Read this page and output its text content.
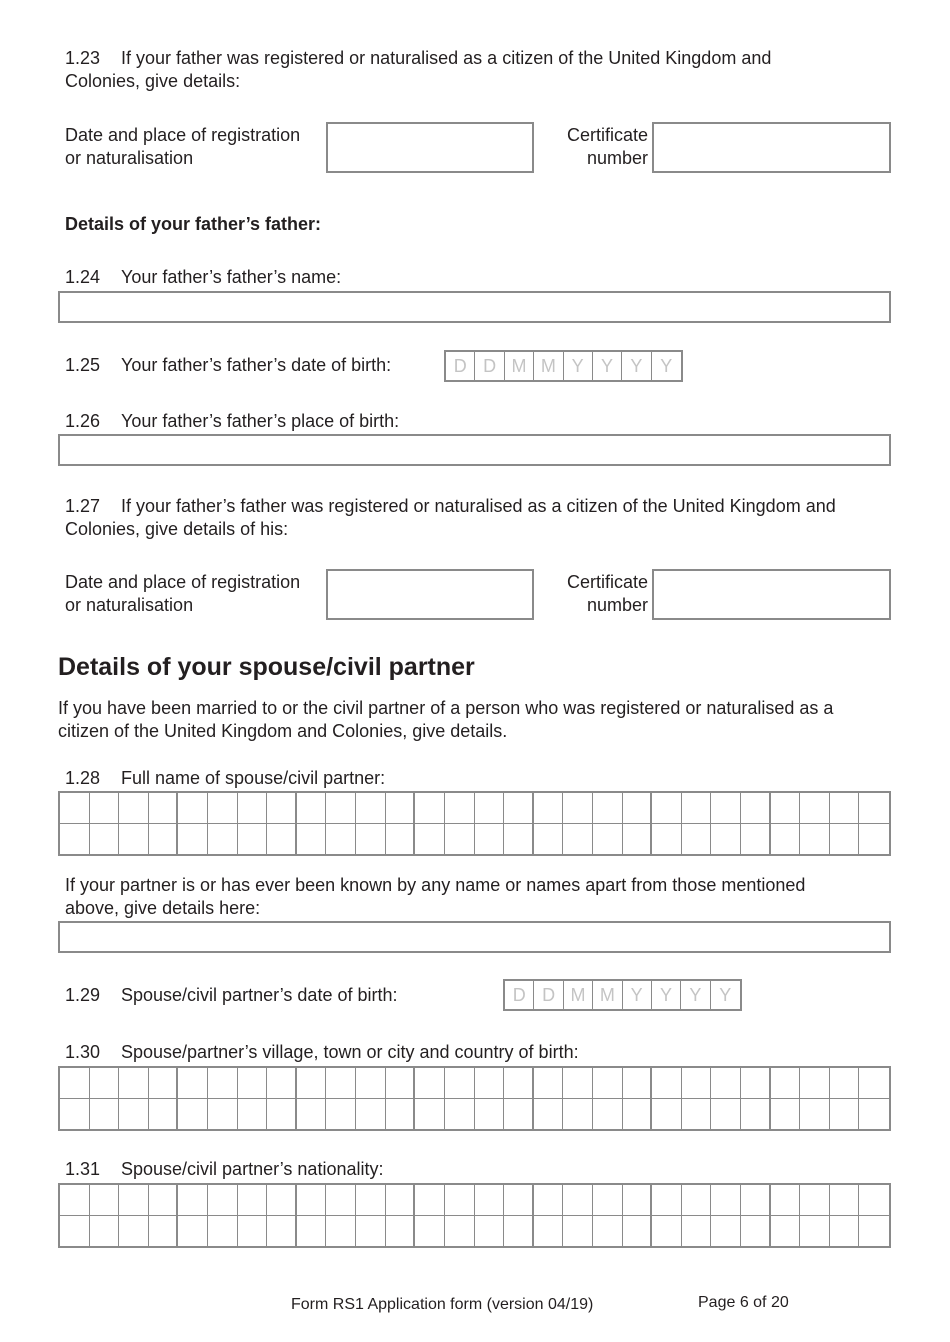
1.23 If your father was registered or naturalised as a citizen of the United Kingdom and
Colonies, give details:
Date and place of registration
or naturalisation
Certificate
number
Details of your father’s father:
1.24 Your father’s father’s name:
1.25 Your father’s father’s date of birth:	D D M M Y Y Y Y
1.26 Your father’s father’s place of birth:
1.27 If your father’s father was registered or naturalised as a citizen of the United Kingdom and
Colonies, give details of his:
Date and place of registration
or naturalisation
Certificate
number
Details of your spouse/civil partner
If you have been married to or the civil partner of a person who was registered or naturalised as a
citizen of the United Kingdom and Colonies, give details.
1.28 Full name of spouse/civil partner:
If your partner is or has ever been known by any name or names apart from those mentioned
above, give details here:
1.29 Spouse/civil partner’s date of birth:	D D M M Y Y Y Y
1.30 Spouse/partner’s village, town or city and country of birth:
1.31 Spouse/civil partner’s nationality:
Form RS1 Application form (version 04/19)	Page 6 of 20
